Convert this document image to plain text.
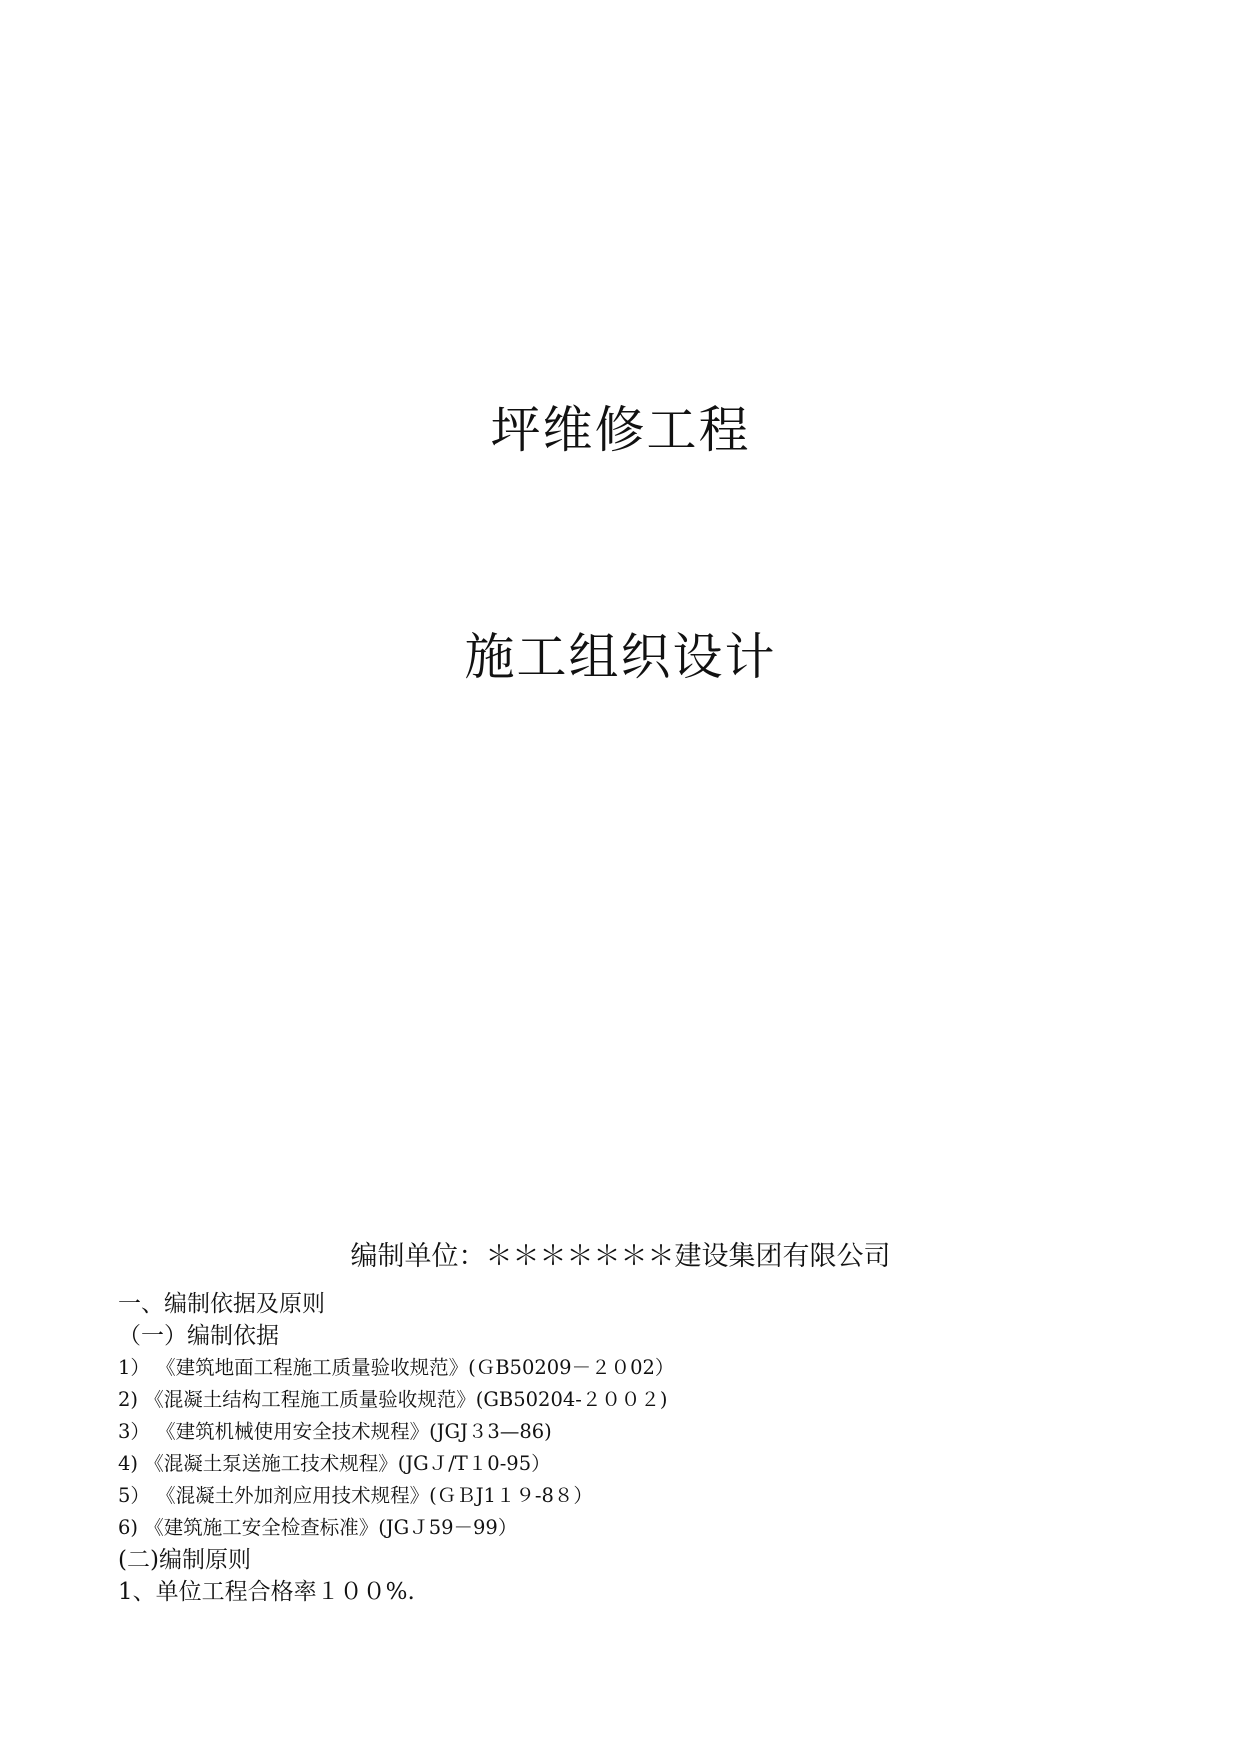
坪维修工程
施工组织设计
编制单位：＊＊＊＊＊＊＊建设集团有限公司
一、编制依据及原则
（一）编制依据
1） 《建筑地面工程施工质量验收规范》(ＧB50209－２０02）
2) 《混凝土结构工程施工质量验收规范》(GB50204-２００２)
3） 《建筑机械使用安全技术规程》(JGJ３3—86)
4) 《混凝土泵送施工技术规程》(JGＪ/T１0-95）
5） 《混凝土外加剂应用技术规程》(ＧＢJ1１９-8８）
6) 《建筑施工安全检查标准》(JGＪ59－99）
(二)编制原则
1、单位工程合格率１００%.
